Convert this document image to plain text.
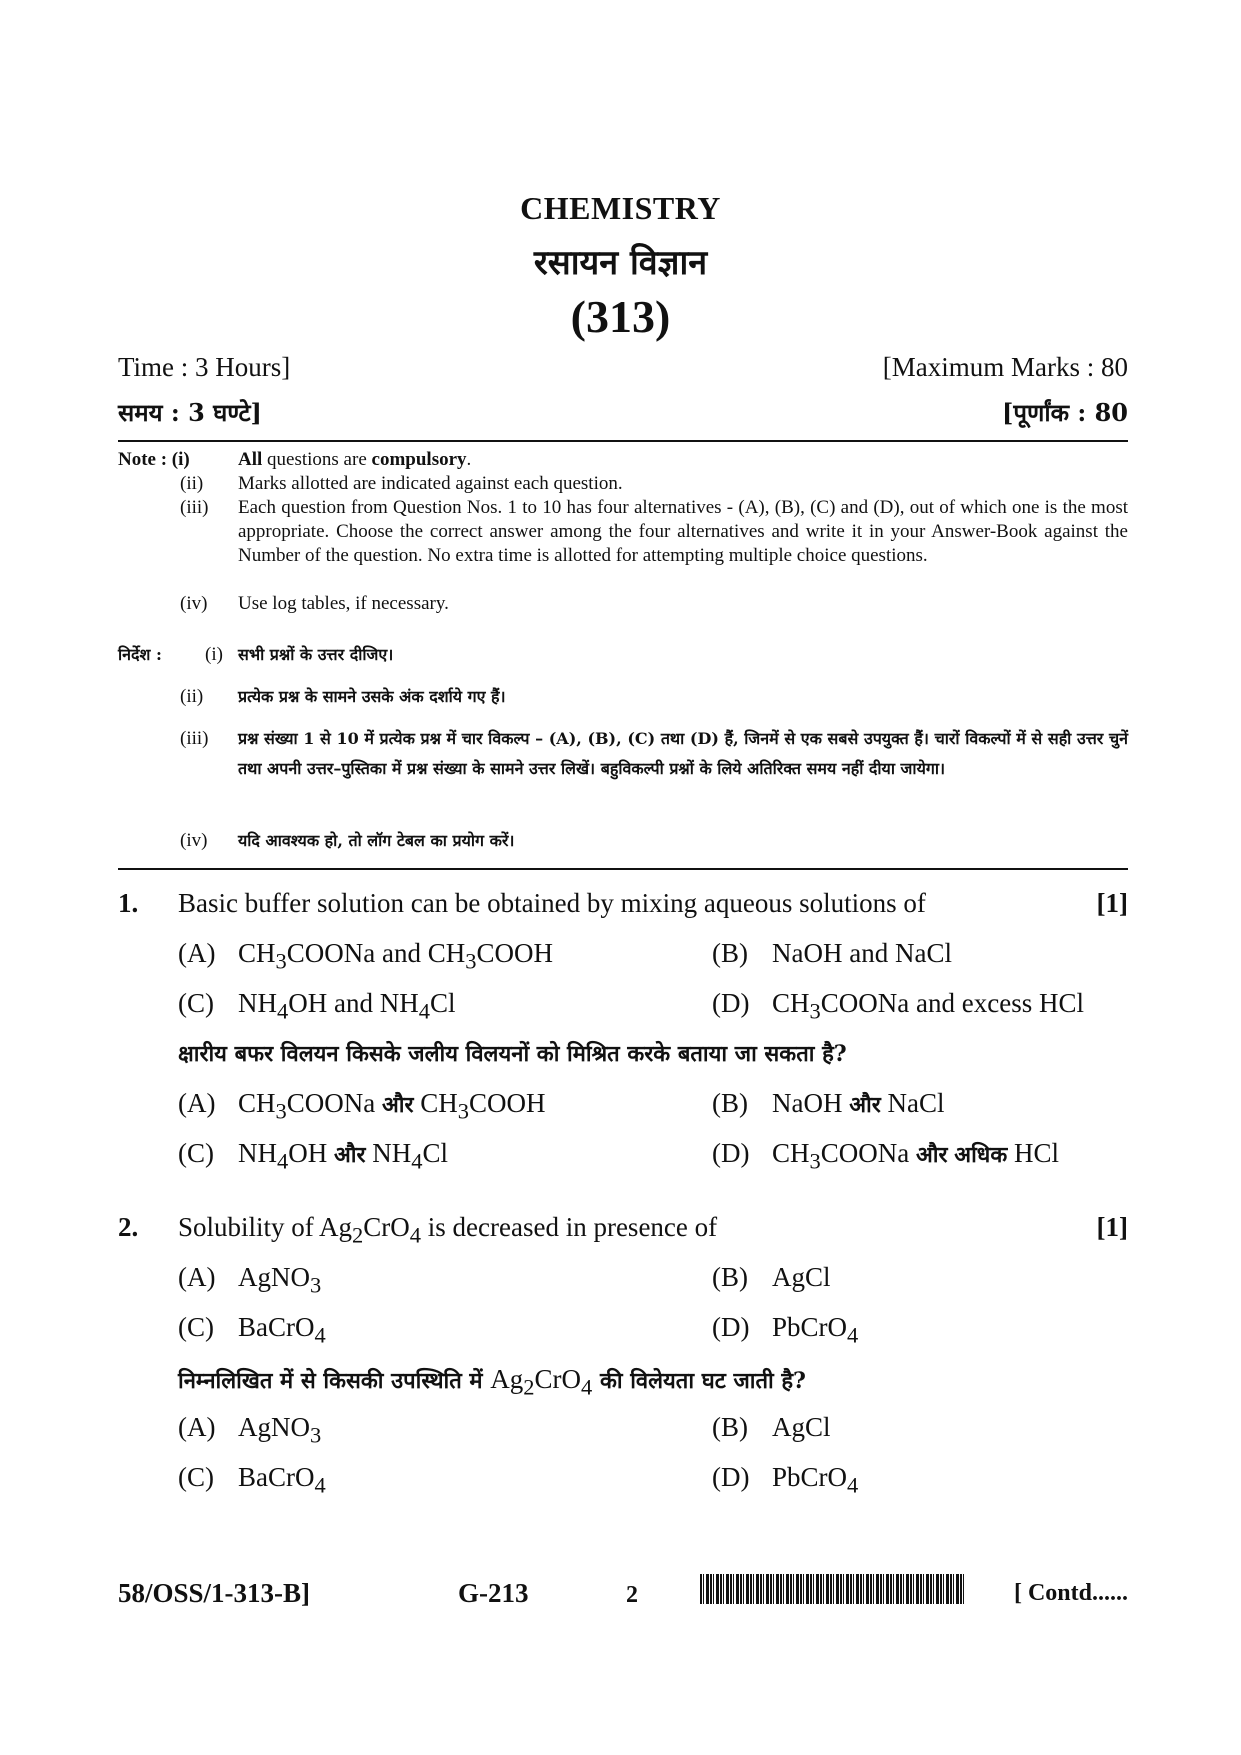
CHEMISTRY
रसायन विज्ञान
(313)
Time : 3 Hours]	[Maximum Marks : 80
समय : 3 घण्टे]	[पूर्णांक : 80
Note : (i)	All questions are compulsory.
(ii) Marks allotted are indicated against each question.
(iii) Each question from Question Nos. 1 to 10 has four alternatives - (A), (B), (C) and (D), out of which one is the most appropriate. Choose the correct answer among the four alternatives and write it in your Answer-Book against the Number of the question. No extra time is allotted for attempting multiple choice questions.
(iv) Use log tables, if necessary.
निर्देश : (i) सभी प्रश्नों के उत्तर दीजिए।
(ii) प्रत्येक प्रश्न के सामने उसके अंक दर्शाये गए हैं।
(iii) प्रश्न संख्या 1 से 10 में प्रत्येक प्रश्न में चार विकल्प – (A), (B), (C) तथा (D) हैं, जिनमें से एक सबसे उपयुक्त हैं। चारों विकल्पों में से सही उत्तर चुनें तथा अपनी उत्तर–पुस्तिका में प्रश्न संख्या के सामने उत्तर लिखें। बहुविकल्पी प्रश्नों के लिये अतिरिक्त समय नहीं दीया जायेगा।
(iv) यदि आवश्यक हो, तो लॉग टेबल का प्रयोग करें।
1. Basic buffer solution can be obtained by mixing aqueous solutions of	[1]
(A) $CH_3COONa$ and $CH_3COOH$	(B) NaOH and NaCl
(C) $NH_4OH$ and $NH_4Cl$	(D) $CH_3COONa$ and excess HCl
क्षारीय बफर विलयन किसके जलीय विलयनों को मिश्रित करके बताया जा सकता है?
(A) $CH_3COONa$ और $CH_3COOH$	(B) NaOH और NaCl
(C) $NH_4OH$ और $NH_4Cl$	(D) $CH_3COONa$ और अधिक HCl
2. Solubility of $Ag_2CrO_4$ is decreased in presence of	[1]
(A) AgNO$_3$	(B) AgCl
(C) BaCrO$_4$	(D) PbCrO$_4$
निम्नलिखित में से किसकी उपस्थिति में $Ag_2CrO_4$ की विलेयता घट जाती है?
(A) AgNO$_3$	(B) AgCl
(C) BaCrO$_4$	(D) PbCrO$_4$
58/OSS/1-313-B]	G-213	2	[ Contd......
